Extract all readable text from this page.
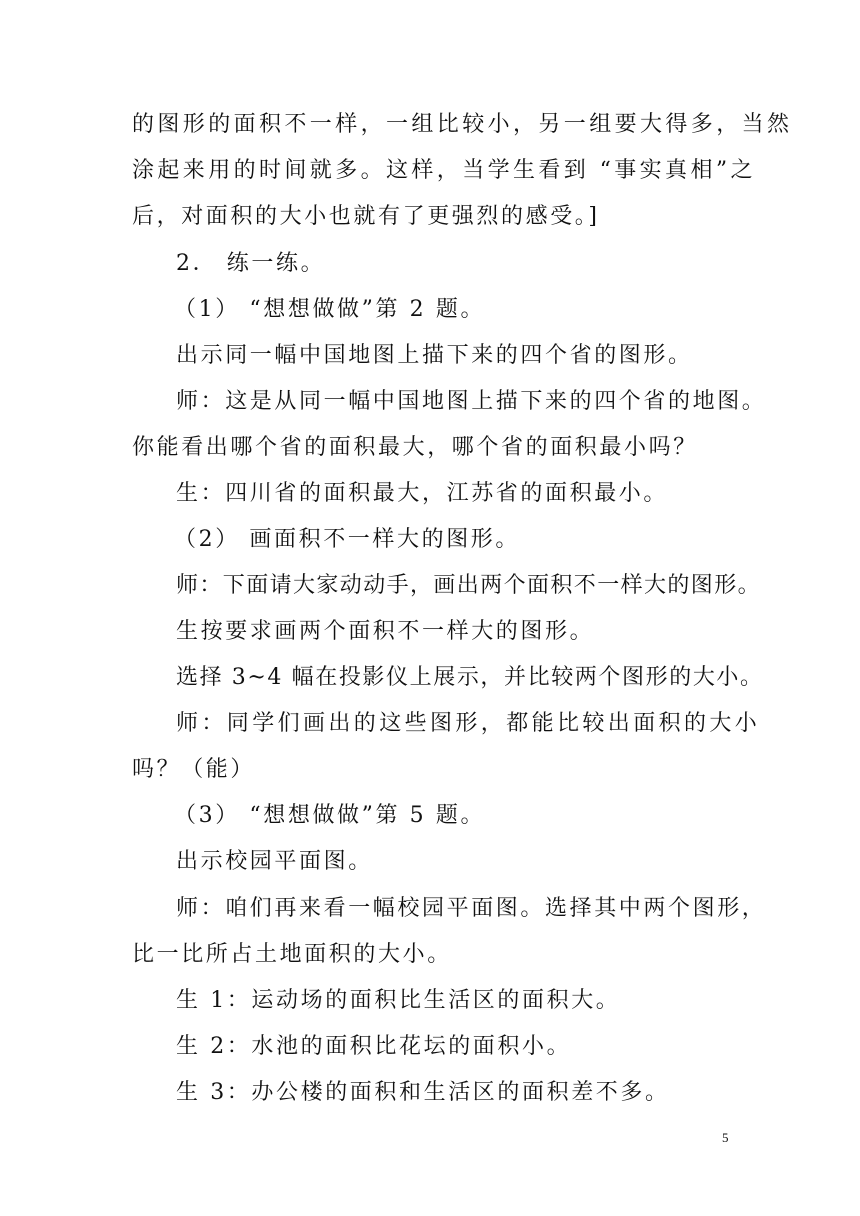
的图形的面积不一样，一组比较小，另一组要大得多，当然
涂起来用的时间就多。这样，当学生看到 “事实真相”之
后，对面积的大小也就有了更强烈的感受。]
2． 练一练。
（1） “想想做做”第 2 题。
出示同一幅中国地图上描下来的四个省的图形。
师：这是从同一幅中国地图上描下来的四个省的地图。
你能看出哪个省的面积最大，哪个省的面积最小吗？
生：四川省的面积最大，江苏省的面积最小。
（2） 画面积不一样大的图形。
师：下面请大家动动手，画出两个面积不一样大的图形。
生按要求画两个面积不一样大的图形。
选择 3~4 幅在投影仪上展示，并比较两个图形的大小。
师：同学们画出的这些图形，都能比较出面积的大小
吗？（能）
（3） “想想做做”第 5 题。
出示校园平面图。
师：咱们再来看一幅校园平面图。选择其中两个图形，
比一比所占土地面积的大小。
生 1：运动场的面积比生活区的面积大。
生 2：水池的面积比花坛的面积小。
生 3：办公楼的面积和生活区的面积差不多。
5
